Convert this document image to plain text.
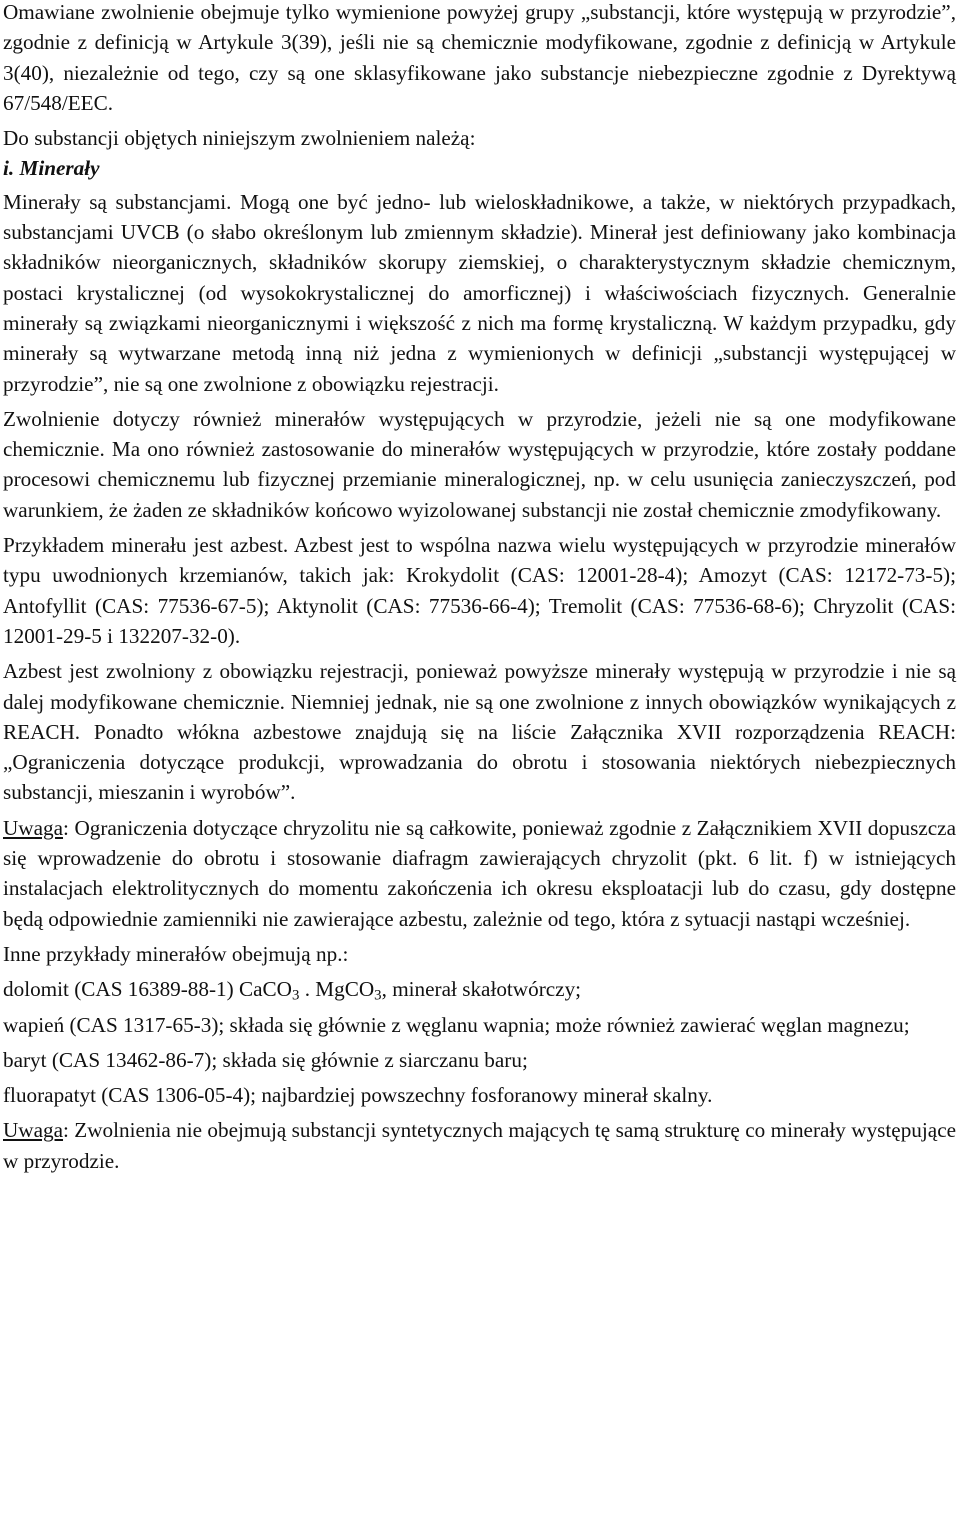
Omawiane zwolnienie obejmuje tylko wymienione powyżej grupy „substancji, które występują w przyrodzie”, zgodnie z definicją w Artykule 3(39), jeśli nie są chemicznie modyfikowane, zgodnie z definicją w Artykule 3(40), niezależnie od tego, czy są one sklasyfikowane jako substancje niebezpieczne zgodnie z Dyrektywą 67/548/EEC.

Do substancji objętych niniejszym zwolnieniem należą:

i. Minerały

Minerały są substancjami. Mogą one być jedno- lub wieloskładnikowe, a także, w niektórych przypadkach, substancjami UVCB (o słabo określonym lub zmiennym składzie). Minerał jest definiowany jako kombinacja składników nieorganicznych, składników skorupy ziemskiej, o charakterystycznym składzie chemicznym, postaci krystalicznej (od wysokokrystalicznej do amorficznej) i właściwościach fizycznych. Generalnie minerały są związkami nieorganicznymi i większość z nich ma formę krystaliczną. W każdym przypadku, gdy minerały są wytwarzane metodą inną niż jedna z wymienionych w definicji „substancji występującej w przyrodzie”, nie są one zwolnione z obowiązku rejestracji.

Zwolnienie dotyczy również minerałów występujących w przyrodzie, jeżeli nie są one modyfikowane chemicznie. Ma ono również zastosowanie do minerałów występujących w przyrodzie, które zostały poddane procesowi chemicznemu lub fizycznej przemianie mineralogicznej, np. w celu usunięcia zanieczyszczeń, pod warunkiem, że żaden ze składników końcowo wyizolowanej substancji nie został chemicznie zmodyfikowany.

Przykładem minerału jest azbest. Azbest jest to wspólna nazwa wielu występujących w przyrodzie minerałów typu uwodnionych krzemianów, takich jak: Krokydolit (CAS: 12001-28-4); Amozyt (CAS: 12172-73-5); Antofyllit (CAS: 77536-67-5); Aktynolit (CAS: 77536-66-4); Tremolit (CAS: 77536-68-6); Chryzolit (CAS: 12001-29-5 i 132207-32-0).

Azbest jest zwolniony z obowiązku rejestracji, ponieważ powyższe minerały występują w przyrodzie i nie są dalej modyfikowane chemicznie. Niemniej jednak, nie są one zwolnione z innych obowiązków wynikających z REACH. Ponadto włókna azbestowe znajdują się na liście Załącznika XVII rozporządzenia REACH: „Ograniczenia dotyczące produkcji, wprowadzania do obrotu i stosowania niektórych niebezpiecznych substancji, mieszanin i wyrobów”.

Uwaga: Ograniczenia dotyczące chryzolitu nie są całkowite, ponieważ zgodnie z Załącznikiem XVII dopuszcza się wprowadzenie do obrotu i stosowanie diafragm zawierających chryzolit (pkt. 6 lit. f) w istniejących instalacjach elektrolitycznych do momentu zakończenia ich okresu eksploatacji lub do czasu, gdy dostępne będą odpowiednie zamienniki nie zawierające azbestu, zależnie od tego, która z sytuacji nastąpi wcześniej.

Inne przykłady minerałów obejmują np.:

dolomit (CAS 16389-88-1) CaCO$_3$ . MgCO$_3$, minerał skałotwórczy;

wapień (CAS 1317-65-3); składa się głównie z węglanu wapnia; może również zawierać węglan magnezu;

baryt (CAS 13462-86-7); składa się głównie z siarczanu baru;

fluorapatyt (CAS 1306-05-4); najbardziej powszechny fosforanowy minerał skalny.

Uwaga: Zwolnienia nie obejmują substancji syntetycznych mających tę samą strukturę co minerały występujące w przyrodzie.
